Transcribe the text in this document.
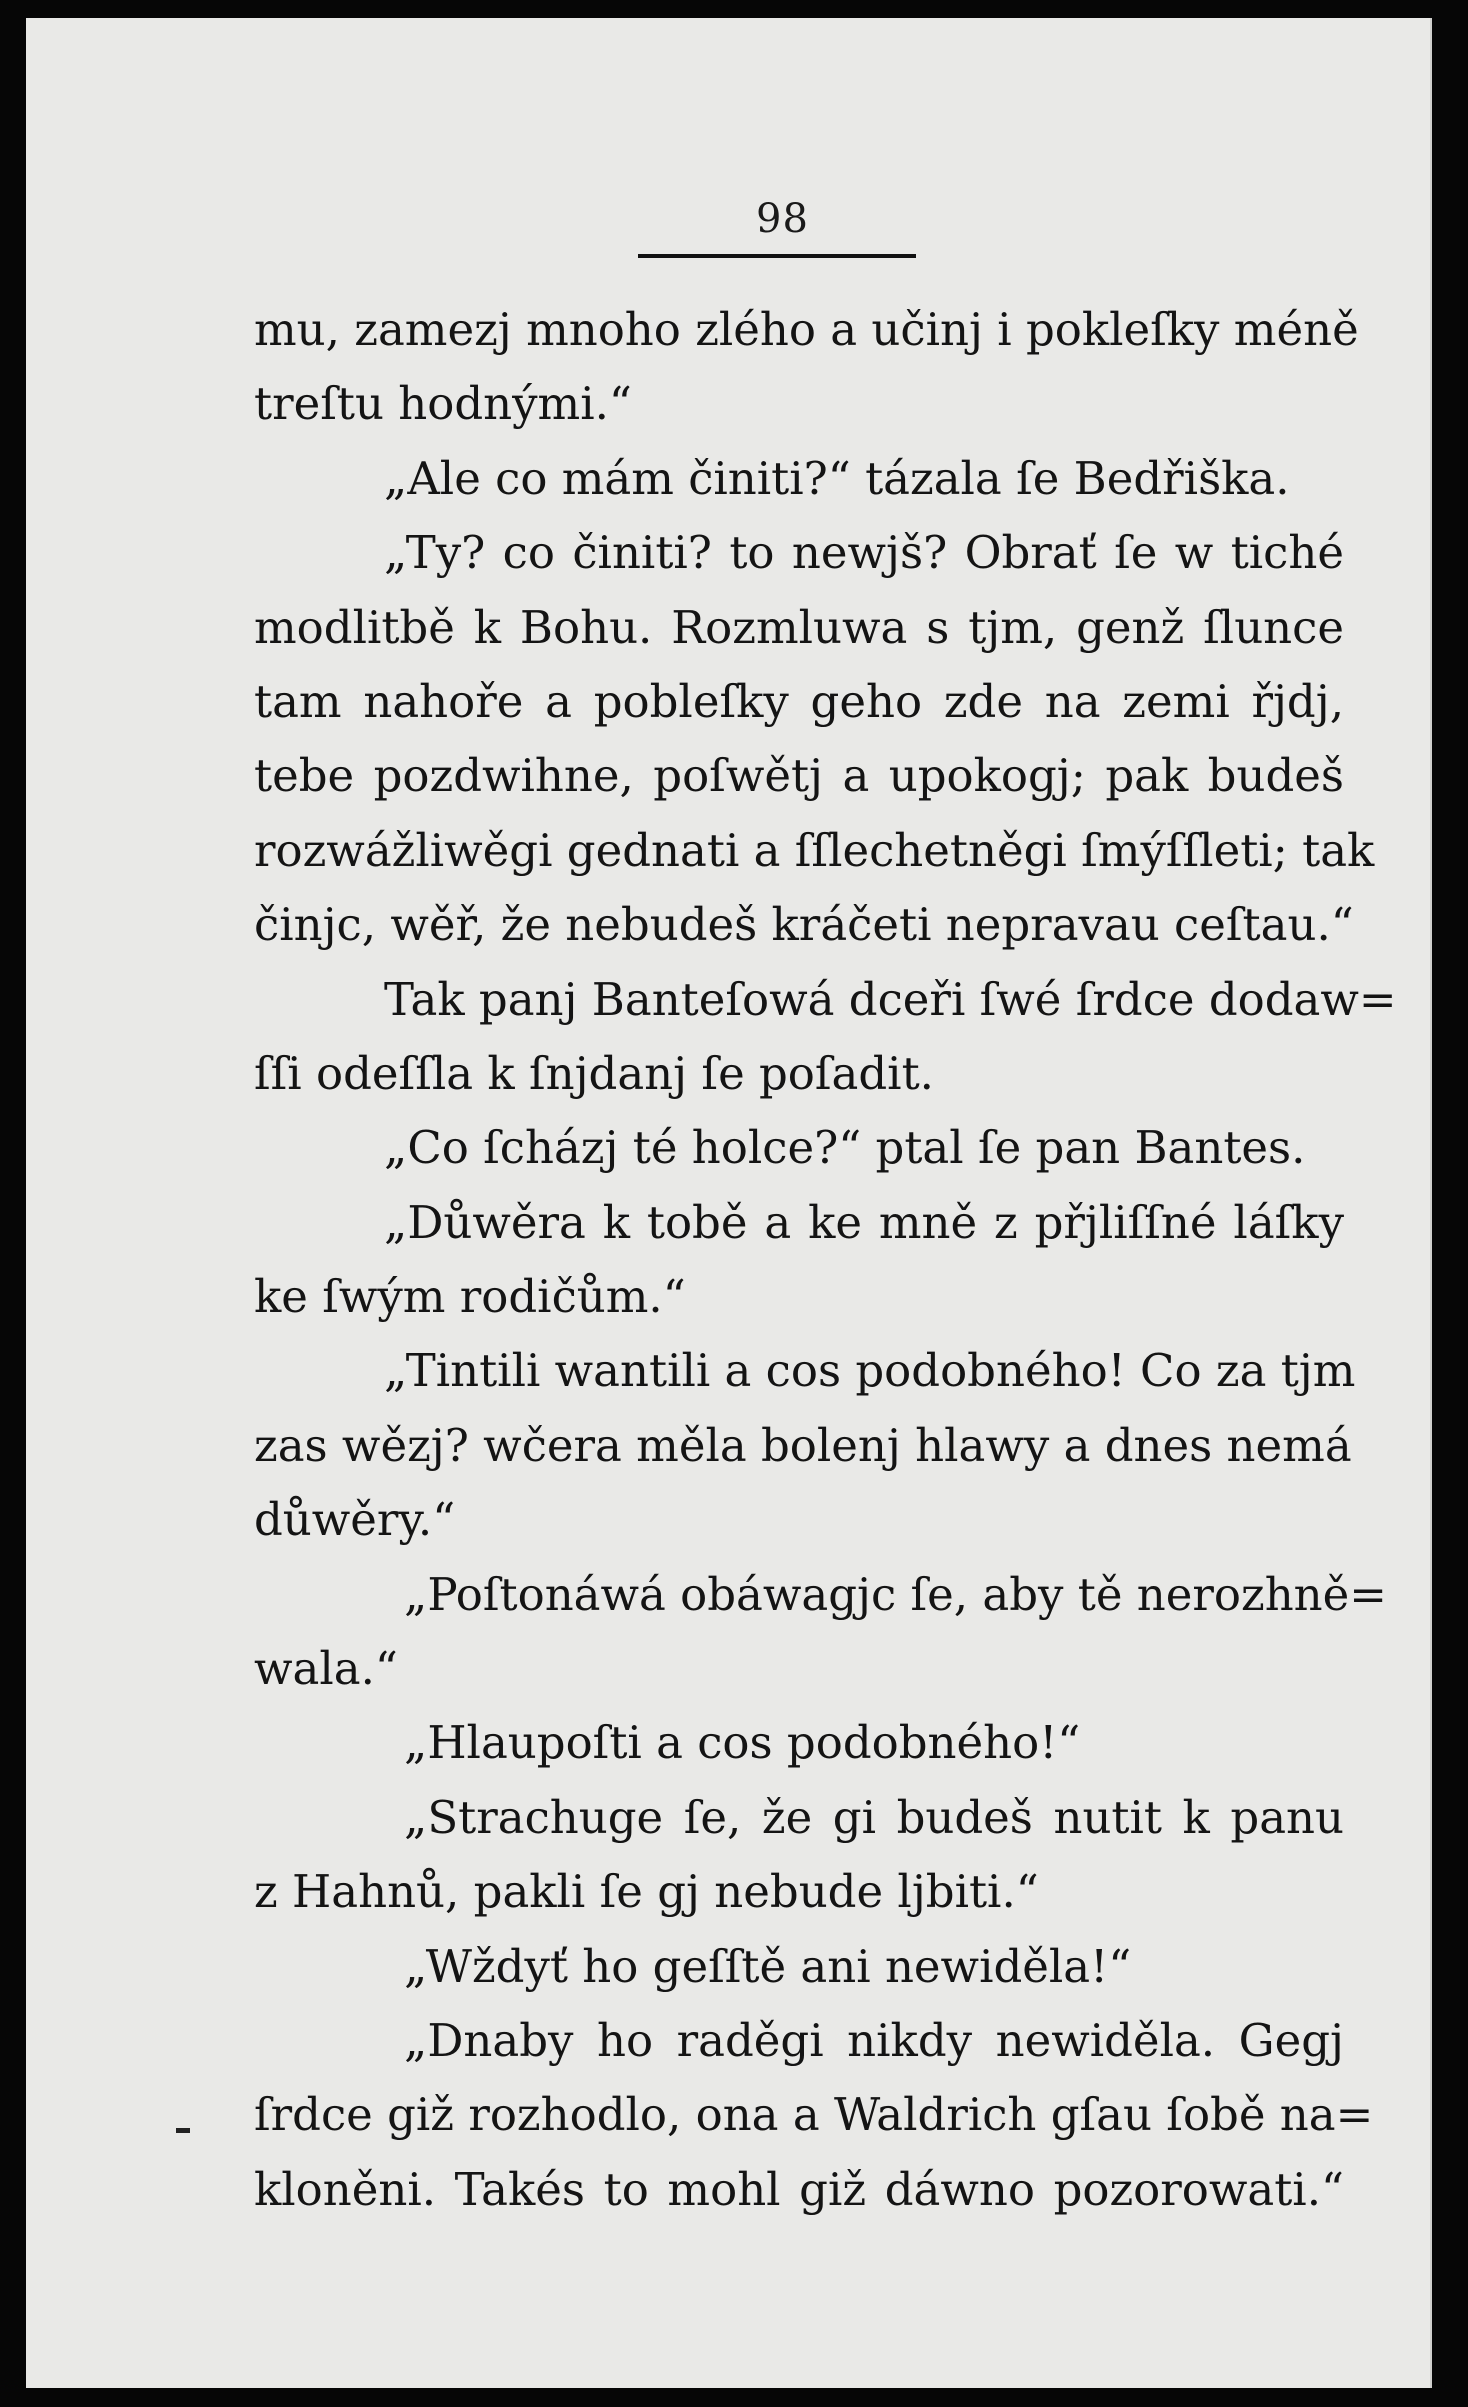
98
mu, zamezj mnoho zlého a učinj i pokleſky méně
treſtu hodnými.“
„Ale co mám činiti?“ tázala ſe Bedřiška.
„Ty? co činiti? to newjš? Obrať ſe w tiché
modlitbě k Bohu. Rozmluwa s tjm, genž ſlunce
tam nahoře a pobleſky geho zde na zemi řjdj,
tebe pozdwihne, poſwětj a upokogj; pak budeš
rozwážliwěgi gednati a ſſlechetněgi ſmýſſleti; tak
činjc, wěř, že nebudeš kráčeti nepravau ceſtau.“
Tak panj Banteſowá dceři ſwé ſrdce dodaw=
ſſi odeſſla k ſnjdanj ſe poſadit.
„Co ſcházj té holce?“ ptal ſe pan Bantes.
„Důwěra k tobě a ke mně z přjliſſné láſky
ke ſwým rodičům.“
„Tintili wantili a cos podobného! Co za tjm
zas wězj? wčera měla bolenj hlawy a dnes nemá
důwěry.“
„Poſtonáwá obáwagjc ſe, aby tě nerozhně=
wala.“
„Hlaupoſti a cos podobného!“
„Strachuge ſe, že gi budeš nutit k panu
z Hahnů, pakli ſe gj nebude ljbiti.“
„Wždyť ho geſſtě ani newiděla!“
„Dnaby ho raděgi nikdy newiděla. Gegj
ſrdce giž rozhodlo, ona a Waldrich gſau ſobě na=
kloněni. Takés to mohl giž dáwno pozorowati.“
